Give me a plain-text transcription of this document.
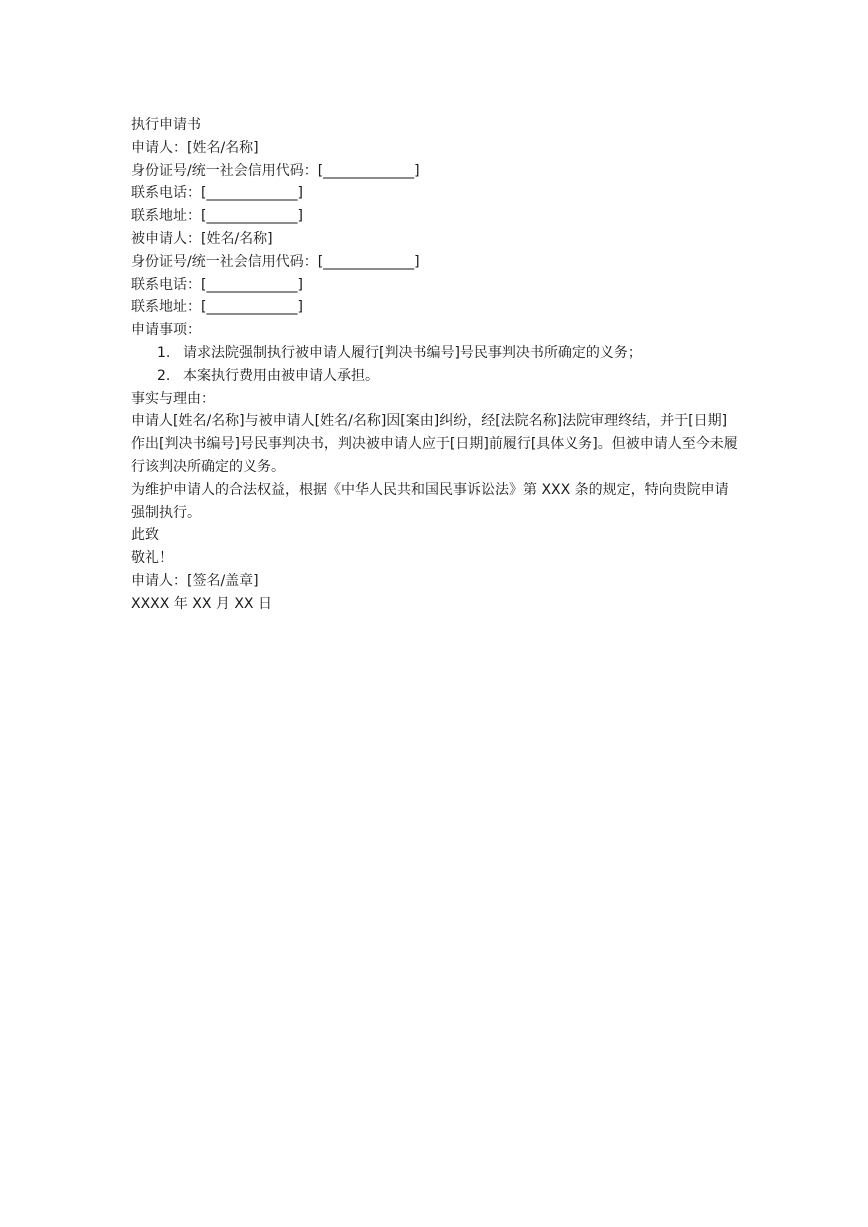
执行申请书
申请人：[姓名/名称]
身份证号/统一社会信用代码：[_____________]
联系电话：[_____________]
联系地址：[_____________]
被申请人：[姓名/名称]
身份证号/统一社会信用代码：[_____________]
联系电话：[_____________]
联系地址：[_____________]
申请事项：
1. 请求法院强制执行被申请人履行[判决书编号]号民事判决书所确定的义务；
2. 本案执行费用由被申请人承担。
事实与理由：
申请人[姓名/名称]与被申请人[姓名/名称]因[案由]纠纷，经[法院名称]法院审理终结，并于[日期]作出[判决书编号]号民事判决书，判决被申请人应于[日期]前履行[具体义务]。但被申请人至今未履行该判决所确定的义务。
为维护申请人的合法权益，根据《中华人民共和国民事诉讼法》第 XXX 条的规定，特向贵院申请强制执行。
此致
敬礼！
申请人：[签名/盖章]
XXXX 年 XX 月 XX 日
